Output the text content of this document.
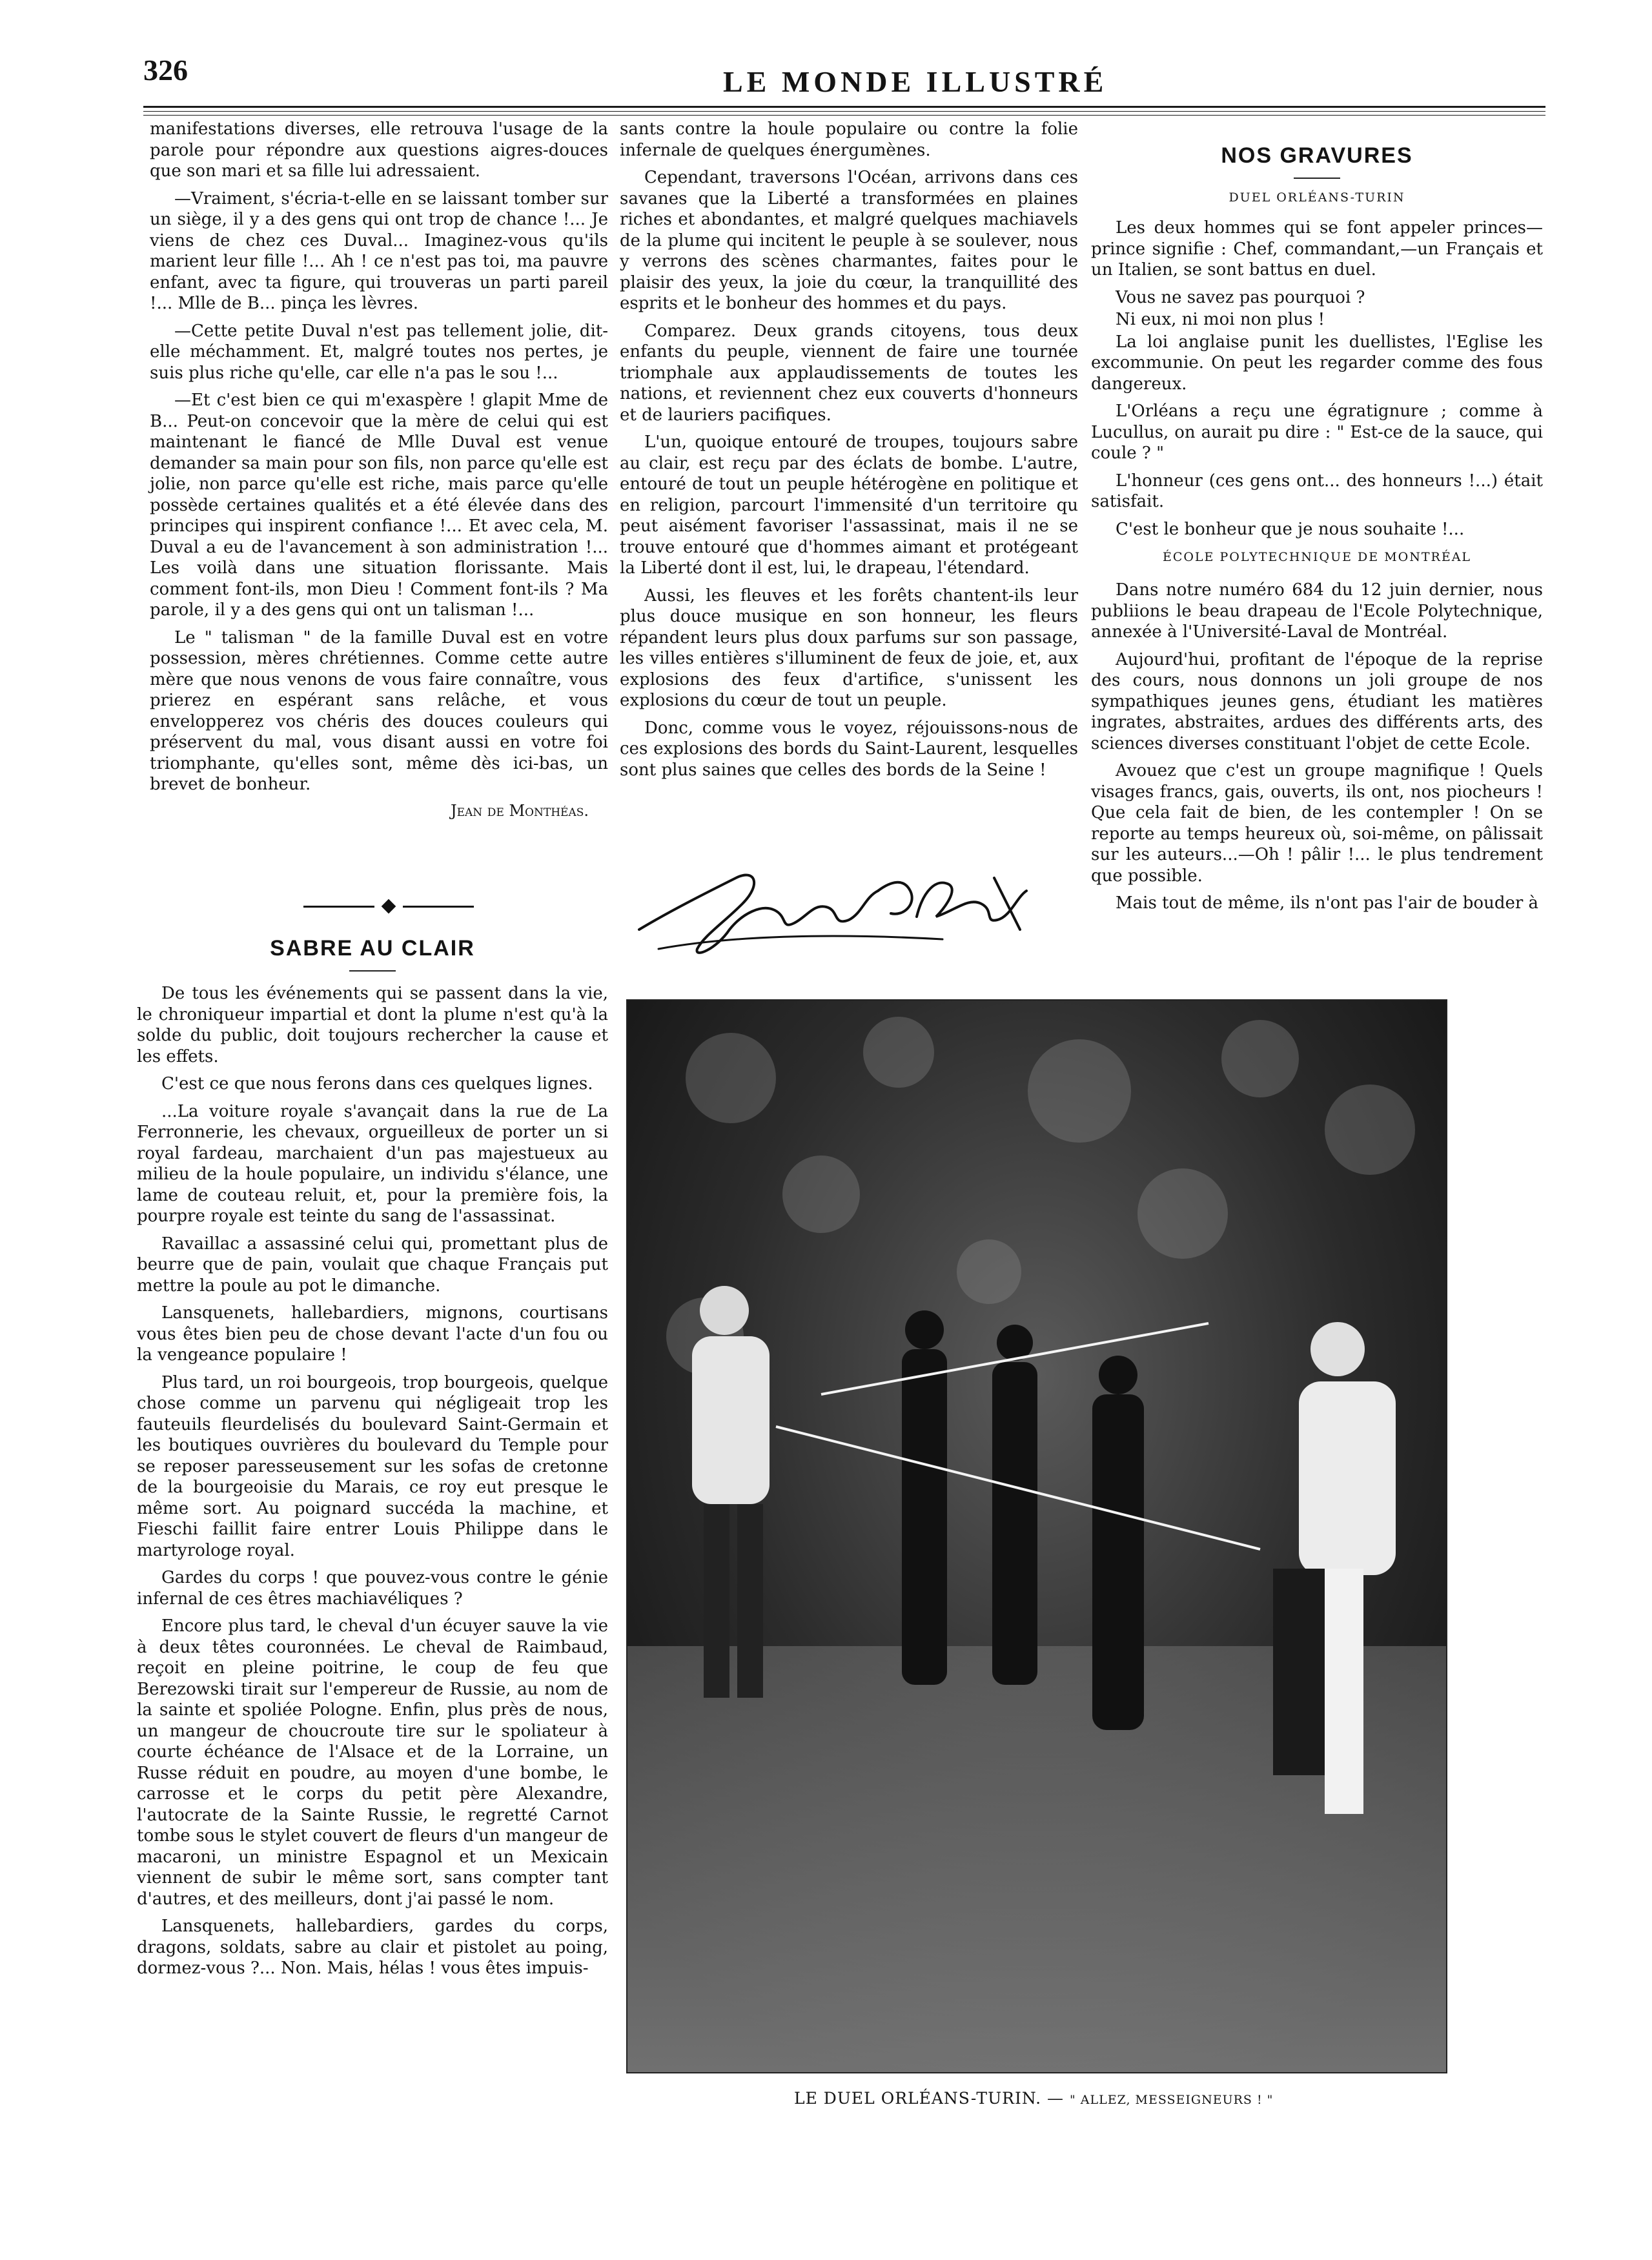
326	LE MONDE ILLUSTRÉ

manifestations diverses, elle retrouva l'usage de la parole pour répondre aux questions aigres-douces que son mari et sa fille lui adressaient.

—Vraiment, s'écria-t-elle en se laissant tomber sur un siège, il y a des gens qui ont trop de chance !... Je viens de chez ces Duval... Imaginez-vous qu'ils marient leur fille !... Ah ! ce n'est pas toi, ma pauvre enfant, avec ta figure, qui trouveras un parti pareil !... Mlle de B... pinça les lèvres.

—Cette petite Duval n'est pas tellement jolie, dit-elle méchamment. Et, malgré toutes nos pertes, je suis plus riche qu'elle, car elle n'a pas le sou !...

—Et c'est bien ce qui m'exaspère ! glapit Mme de B... Peut-on concevoir que la mère de celui qui est maintenant le fiancé de Mlle Duval est venue demander sa main pour son fils, non parce qu'elle est jolie, non parce qu'elle est riche, mais parce qu'elle possède certaines qualités et a été élevée dans des principes qui inspirent confiance !... Et avec cela, M. Duval a eu de l'avancement à son administration !... Les voilà dans une situation florissante. Mais comment font-ils, mon Dieu ! Comment font-ils ? Ma parole, il y a des gens qui ont un talisman !...

Le " talisman " de la famille Duval est en votre possession, mères chrétiennes. Comme cette autre mère que nous venons de vous faire connaître, vous prierez en espérant sans relâche, et vous envelopperez vos chéris des douces couleurs qui préservent du mal, vous disant aussi en votre foi triomphante, qu'elles sont, même dès ici-bas, un brevet de bonheur.

Jean de Monthéas.
SABRE AU CLAIR

De tous les événements qui se passent dans la vie, le chroniqueur impartial et dont la plume n'est qu'à la solde du public, doit toujours rechercher la cause et les effets.

C'est ce que nous ferons dans ces quelques lignes.

...La voiture royale s'avançait dans la rue de La Ferronnerie, les chevaux, orgueilleux de porter un si royal fardeau, marchaient d'un pas majestueux au milieu de la houle populaire, un individu s'élance, une lame de couteau reluit, et, pour la première fois, la pourpre royale est teinte du sang de l'assassinat.

Ravaillac a assassiné celui qui, promettant plus de beurre que de pain, voulait que chaque Français put mettre la poule au pot le dimanche.

Lansquenets, hallebardiers, mignons, courtisans vous êtes bien peu de chose devant l'acte d'un fou ou la vengeance populaire !

Plus tard, un roi bourgeois, trop bourgeois, quelque chose comme un parvenu qui négligeait trop les fauteuils fleurdelisés du boulevard Saint-Germain et les boutiques ouvrières du boulevard du Temple pour se reposer paresseusement sur les sofas de cretonne de la bourgeoisie du Marais, ce roy eut presque le même sort. Au poignard succéda la machine, et Fieschi faillit faire entrer Louis Philippe dans le martyrologe royal.

Gardes du corps ! que pouvez-vous contre le génie infernal de ces êtres machiavéliques ?

Encore plus tard, le cheval d'un écuyer sauve la vie à deux têtes couronnées. Le cheval de Raimbaud, reçoit en pleine poitrine, le coup de feu que Berezowski tirait sur l'empereur de Russie, au nom de la sainte et spoliée Pologne. Enfin, plus près de nous, un mangeur de choucroute tire sur le spoliateur à courte échéance de l'Alsace et de la Lorraine, un Russe réduit en poudre, au moyen d'une bombe, le carrosse et le corps du petit père Alexandre, l'autocrate de la Sainte Russie, le regretté Carnot tombe sous le stylet couvert de fleurs d'un mangeur de macaroni, un ministre Espagnol et un Mexicain viennent de subir le même sort, sans compter tant d'autres, et des meilleurs, dont j'ai passé le nom.

Lansquenets, hallebardiers, gardes du corps, dragons, soldats, sabre au clair et pistolet au poing, dormez-vous ?... Non. Mais, hélas ! vous êtes impuis-

sants contre la houle populaire ou contre la folie infernale de quelques énergumènes.

Cependant, traversons l'Océan, arrivons dans ces savanes que la Liberté a transformées en plaines riches et abondantes, et malgré quelques machiavels de la plume qui incitent le peuple à se soulever, nous y verrons des scènes charmantes, faites pour le plaisir des yeux, la joie du cœur, la tranquillité des esprits et le bonheur des hommes et du pays.

Comparez. Deux grands citoyens, tous deux enfants du peuple, viennent de faire une tournée triomphale aux applaudissements de toutes les nations, et reviennent chez eux couverts d'honneurs et de lauriers pacifiques.

L'un, quoique entouré de troupes, toujours sabre au clair, est reçu par des éclats de bombe. L'autre, entouré de tout un peuple hétérogène en politique et en religion, parcourt l'immensité d'un territoire qu peut aisément favoriser l'assassinat, mais il ne se trouve entouré que d'hommes aimant et protégeant la Liberté dont il est, lui, le drapeau, l'étendard.

Aussi, les fleuves et les forêts chantent-ils leur plus douce musique en son honneur, les fleurs répandent leurs plus doux parfums sur son passage, les villes entières s'illuminent de feux de joie, et, aux explosions des feux d'artifice, s'unissent les explosions du cœur de tout un peuple.

Donc, comme vous le voyez, réjouissons-nous de ces explosions des bords du Saint-Laurent, lesquelles sont plus saines que celles des bords de la Seine !

NOS GRAVURES
DUEL ORLÉANS-TURIN

Les deux hommes qui se font appeler princes—prince signifie : Chef, commandant,—un Français et un Italien, se sont battus en duel.

Vous ne savez pas pourquoi ?

Ni eux, ni moi non plus !

La loi anglaise punit les duellistes, l'Eglise les excommunie. On peut les regarder comme des fous dangereux.

L'Orléans a reçu une égratignure ; comme à Lucullus, on aurait pu dire : " Est-ce de la sauce, qui coule ? "

L'honneur (ces gens ont... des honneurs !...) était satisfait.

C'est le bonheur que je nous souhaite !...

ÉCOLE POLYTECHNIQUE DE MONTRÉAL

Dans notre numéro 684 du 12 juin dernier, nous publiions le beau drapeau de l'Ecole Polytechnique, annexée à l'Université-Laval de Montréal.

Aujourd'hui, profitant de l'époque de la reprise des cours, nous donnons un joli groupe de nos sympathiques jeunes gens, étudiant les matières ingrates, abstraites, ardues des différents arts, des sciences diverses constituant l'objet de cette Ecole.

Avouez que c'est un groupe magnifique ! Quels visages francs, gais, ouverts, ils ont, nos piocheurs ! Que cela fait de bien, de les contempler ! On se reporte au temps heureux où, soi-même, on pâlissait sur les auteurs...—Oh ! pâlir !... le plus tendrement que possible.

Mais tout de même, ils n'ont pas l'air de bouder à

LE DUEL ORLÉANS-TURIN. — " ALLEZ, MESSEIGNEURS ! "
